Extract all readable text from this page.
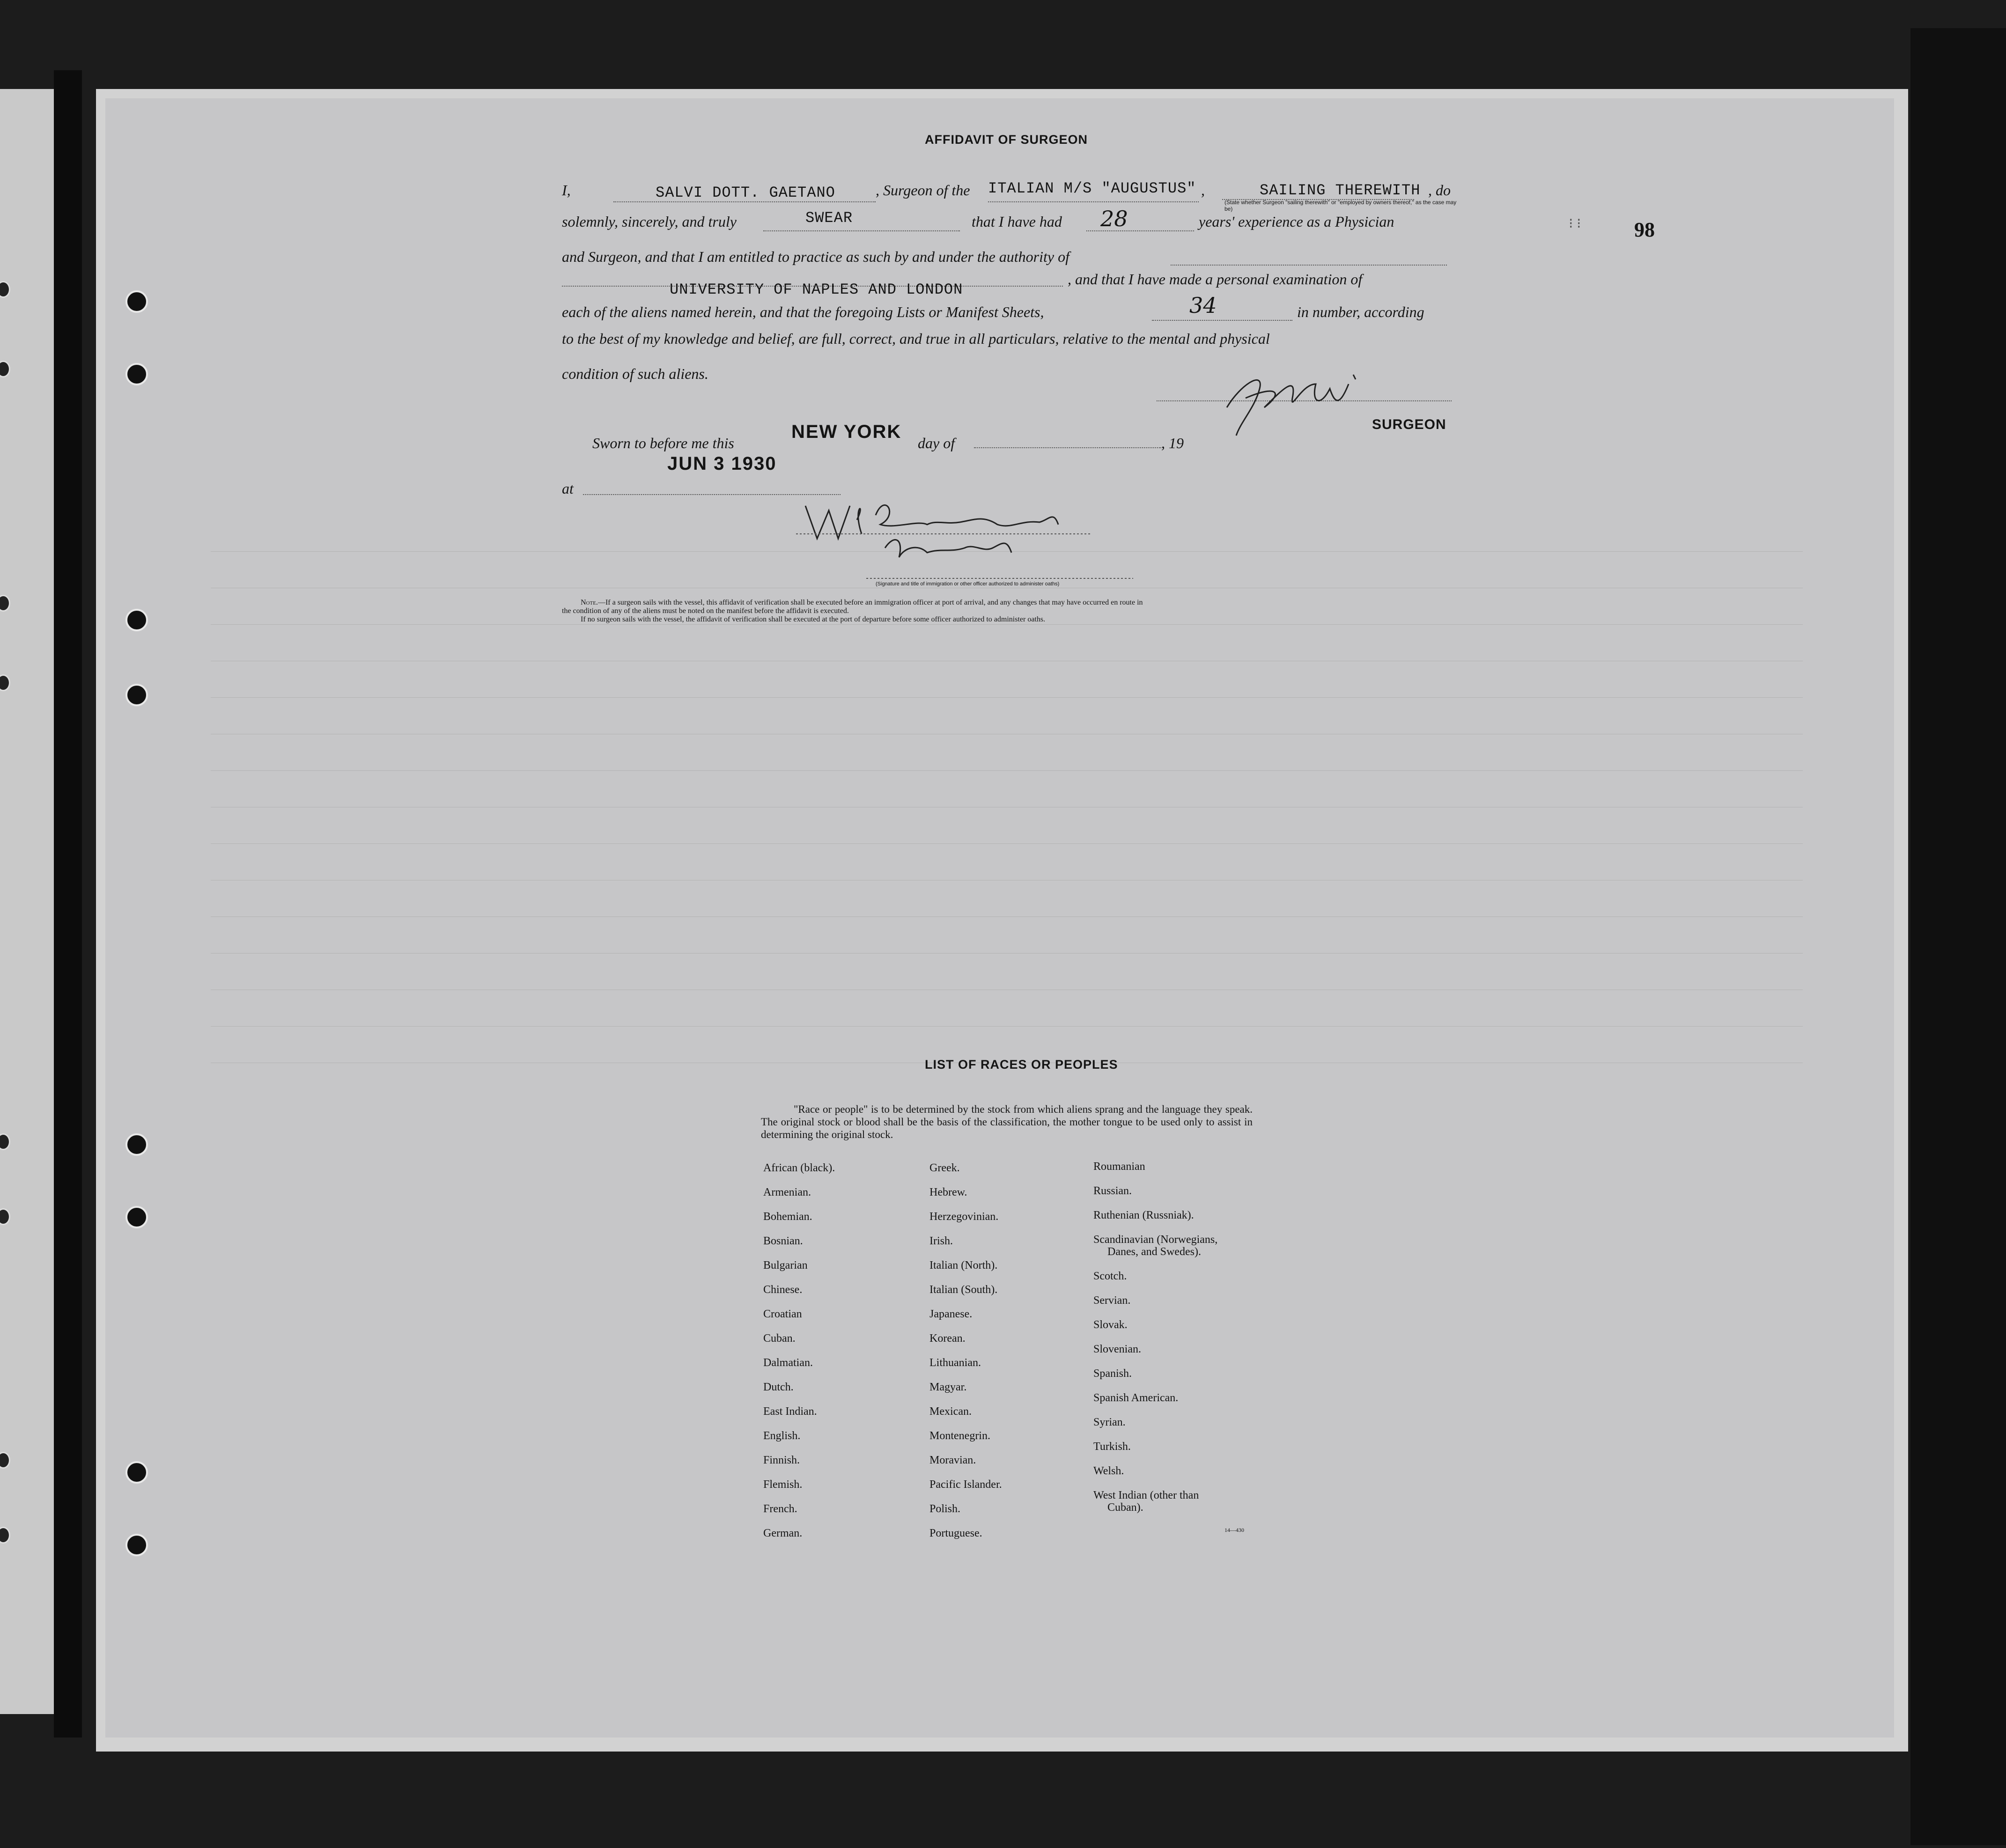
98
⁝ ⁝
AFFIDAVIT OF SURGEON
I,	SALVI DOTT. GAETANO	, Surgeon of the ITALIAN M/S "AUGUSTUS" ,	SAILING THEREWITH , do
(State whether Surgeon "sailing therewith" or "employed by owners thereof," as the case may be)
solemnly, sincerely, and truly	SWEAR	that I have had 28	years' experience as a Physician
and Surgeon, and that I am entitled to practice as such by and under the authority of
UNIVERSITY OF NAPLES AND LONDON
, and that I have made a personal examination of
each of the aliens named herein, and that the foregoing Lists or Manifest Sheets,	34	in number, according
to the best of my knowledge and belief, are full, correct, and true in all particulars, relative to the mental and physical
condition of such aliens.
SURGEON
Sworn to before me this
NEW YORK
day of	, 19
JUN 3 1930
at
(Signature and title of immigration or other officer authorized to administer oaths)
Note.—If a surgeon sails with the vessel, this affidavit of verification shall be executed before an immigration officer at port of arrival, and any changes that may have occurred en route in
the condition of any of the aliens must be noted on the manifest before the affidavit is executed.
If no surgeon sails with the vessel, the affidavit of verification shall be executed at the port of departure before some officer authorized to administer oaths.
LIST OF RACES OR PEOPLES
"Race or people" is to be determined by the stock from which aliens sprang and the language they speak. The original stock or blood shall be the basis of the classification, the mother tongue to be used only to assist in determining the original stock.
African (black).
Armenian.
Bohemian.
Bosnian.
Bulgarian
Chinese.
Croatian
Cuban.
Dalmatian.
Dutch.
East Indian.
English.
Finnish.
Flemish.
French.
German.
Greek.
Hebrew.
Herzegovinian.
Irish.
Italian (North).
Italian (South).
Japanese.
Korean.
Lithuanian.
Magyar.
Mexican.
Montenegrin.
Moravian.
Pacific Islander.
Polish.
Portuguese.
Roumanian
Russian.
Ruthenian (Russniak).
Scandinavian (Norwegians,
Danes, and Swedes).
Scotch.
Servian.
Slovak.
Slovenian.
Spanish.
Spanish American.
Syrian.
Turkish.
Welsh.
West Indian (other than
Cuban).
14—430
